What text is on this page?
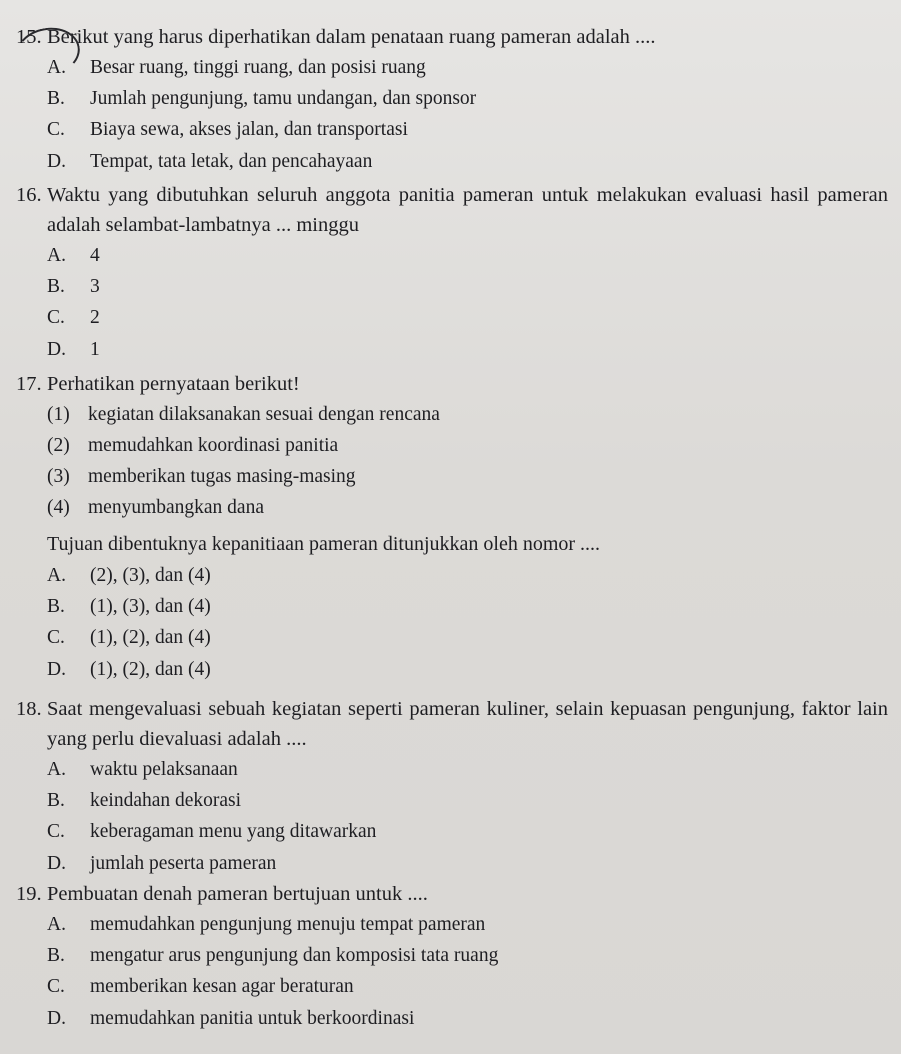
15. Berikut yang harus diperhatikan dalam penataan ruang pameran adalah ....
A.	Besar ruang, tinggi ruang, dan posisi ruang
B.	Jumlah pengunjung, tamu undangan, dan sponsor
C.	Biaya sewa, akses jalan, dan transportasi
D.	Tempat, tata letak, dan pencahayaan
16. Waktu yang dibutuhkan seluruh anggota panitia pameran untuk melakukan evaluasi hasil pameran adalah selambat-lambatnya ... minggu
A.	4
B.	3
C.	2
D.	1
17. Perhatikan pernyataan berikut!
(1) kegiatan dilaksanakan sesuai dengan rencana
(2) memudahkan koordinasi panitia
(3) memberikan tugas masing-masing
(4) menyumbangkan dana
Tujuan dibentuknya kepanitiaan pameran ditunjukkan oleh nomor ....
A.	(2), (3), dan (4)
B.	(1), (3), dan (4)
C.	(1), (2), dan (4)
D.	(1), (2), dan (4)
18. Saat mengevaluasi sebuah kegiatan seperti pameran kuliner, selain kepuasan pengunjung, faktor lain yang perlu dievaluasi adalah ....
A.	waktu pelaksanaan
B.	keindahan dekorasi
C.	keberagaman menu yang ditawarkan
D.	jumlah peserta pameran
19. Pembuatan denah pameran bertujuan untuk ....
A.	memudahkan pengunjung menuju tempat pameran
B.	mengatur arus pengunjung dan komposisi tata ruang
C.	memberikan kesan agar beraturan
D.	memudahkan panitia untuk berkoordinasi
